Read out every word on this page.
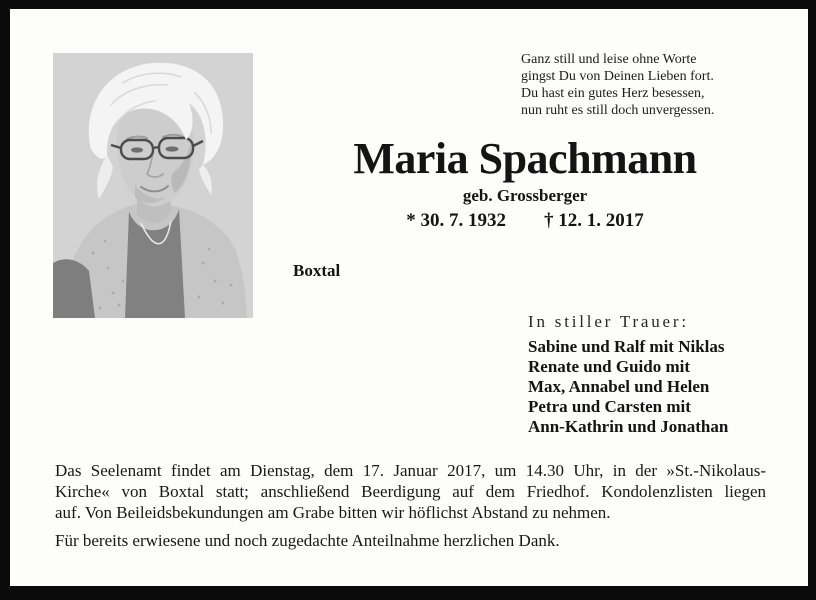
Ganz still und leise ohne Worte
gingst Du von Deinen Lieben fort.
Du hast ein gutes Herz besessen,
nun ruht es still doch unvergessen.
Maria Spachmann
geb. Grossberger
* 30. 7. 1932 † 12. 1. 2017
Boxtal
In stiller Trauer:
Sabine und Ralf mit Niklas
Renate und Guido mit
Max, Annabel und Helen
Petra und Carsten mit
Ann-Kathrin und Jonathan
Das Seelenamt findet am Dienstag, dem 17. Januar 2017, um 14.30 Uhr, in der »St.-Nikolaus-
Kirche« von Boxtal statt; anschließend Beerdigung auf dem Friedhof. Kondolenzlisten liegen
auf. Von Beileidsbekundungen am Grabe bitten wir höflichst Abstand zu nehmen.
Für bereits erwiesene und noch zugedachte Anteilnahme herzlichen Dank.
